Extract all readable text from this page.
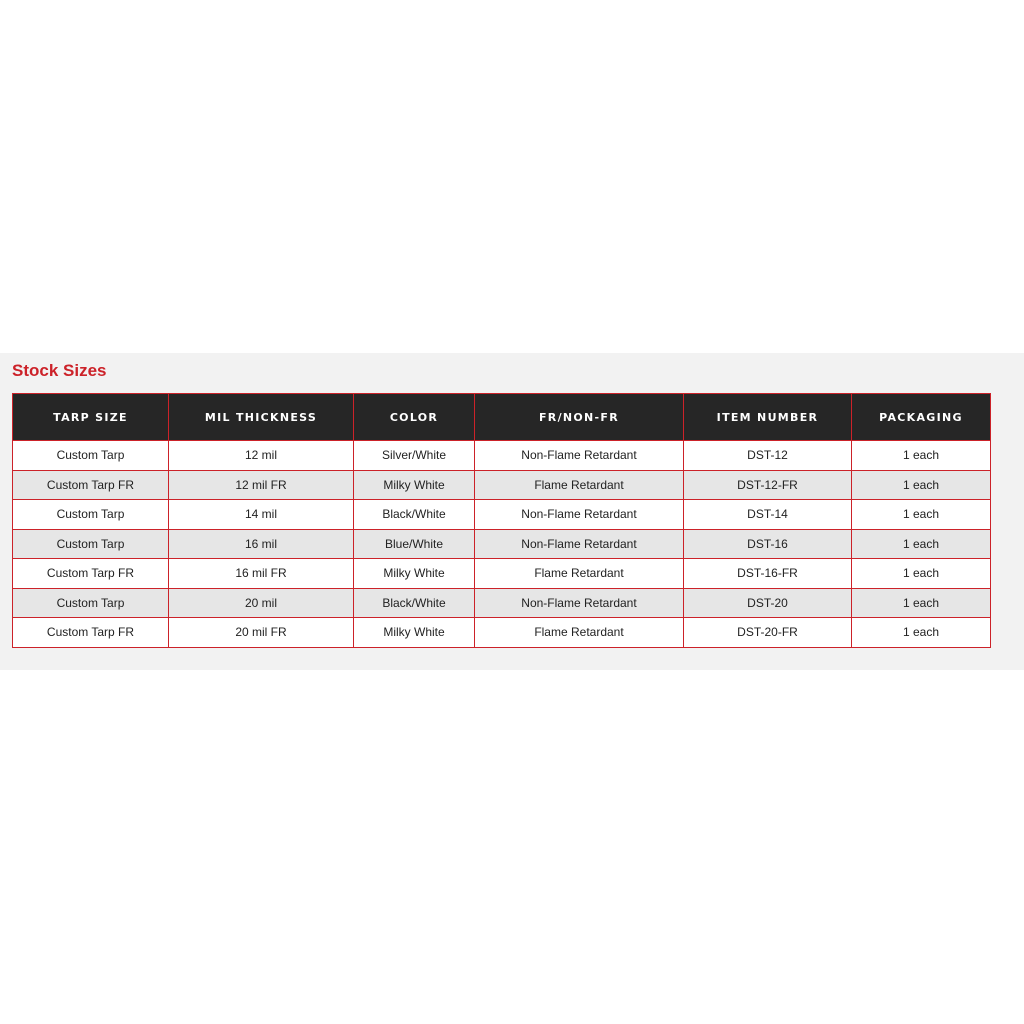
Stock Sizes
TARP SIZE	MIL THICKNESS	COLOR	FR/NON-FR	ITEM NUMBER	PACKAGING
Custom Tarp	12 mil	Silver/White	Non-Flame Retardant	DST-12	1 each
Custom Tarp FR	12 mil FR	Milky White	Flame Retardant	DST-12-FR	1 each
Custom Tarp	14 mil	Black/White	Non-Flame Retardant	DST-14	1 each
Custom Tarp	16 mil	Blue/White	Non-Flame Retardant	DST-16	1 each
Custom Tarp FR	16 mil FR	Milky White	Flame Retardant	DST-16-FR	1 each
Custom Tarp	20 mil	Black/White	Non-Flame Retardant	DST-20	1 each
Custom Tarp FR	20 mil FR	Milky White	Flame Retardant	DST-20-FR	1 each
